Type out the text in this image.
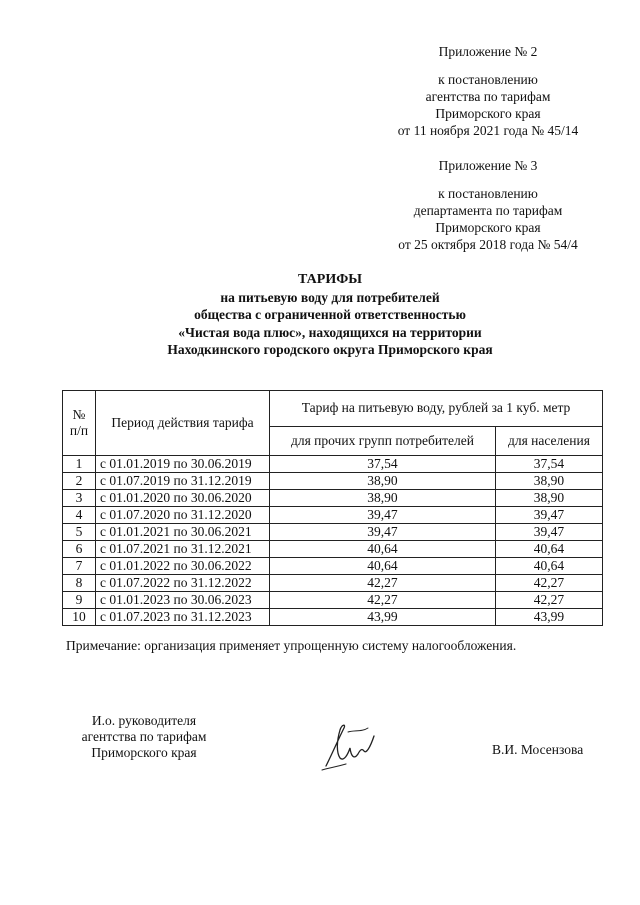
Приложение № 2
к постановлению
агентства по тарифам
Приморского края
от 11 ноября 2021 года № 45/14
Приложение № 3
к постановлению
департамента по тарифам
Приморского края
от 25 октября 2018 года № 54/4
ТАРИФЫ
на питьевую воду для потребителей
общества с ограниченной ответственностью
«Чистая вода плюс», находящихся на территории
Находкинского городского округа Приморского края
№ п/п	Период действия тарифа	Тариф на питьевую воду, рублей за 1 куб. метр	
		для прочих групп потребителей	для населения
1	с 01.01.2019 по 30.06.2019	37,54	37,54
2	с 01.07.2019 по 31.12.2019	38,90	38,90
3	с 01.01.2020 по 30.06.2020	38,90	38,90
4	с 01.07.2020 по 31.12.2020	39,47	39,47
5	с 01.01.2021 по 30.06.2021	39,47	39,47
6	с 01.07.2021 по 31.12.2021	40,64	40,64
7	с 01.01.2022 по 30.06.2022	40,64	40,64
8	с 01.07.2022 по 31.12.2022	42,27	42,27
9	с 01.01.2023 по 30.06.2023	42,27	42,27
10	с 01.07.2023 по 31.12.2023	43,99	43,99
Примечание: организация применяет упрощенную систему налогообложения.
И.о. руководителя
агентства по тарифам
Приморского края	В.И. Мосензова
